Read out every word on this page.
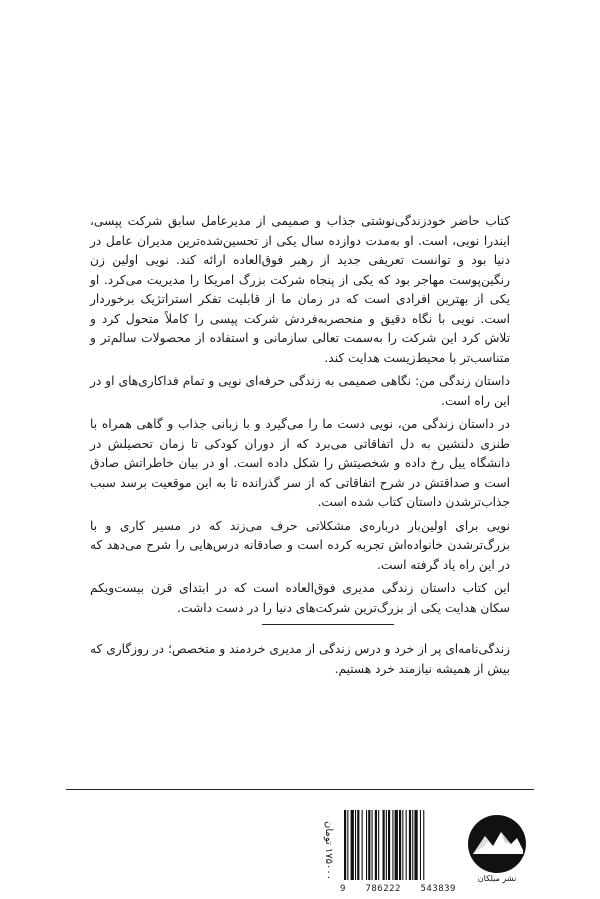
کتاب حاضر خودزندگی‌نوشتی جذاب و صمیمی از مدیرعامل سابق شرکت پپسی، ایندرا نویی، است. او به‌مدت دوازده سال یکی از تحسین‌شده‌ترین مدیران عامل در دنیا بود و توانست تعریفی جدید از رهبر فوق‌العاده ارائه کند. نویی اولین زن رنگین‌پوست مهاجر بود که یکی از پنجاه شرکت بزرگ امریکا را مدیریت می‌کرد. او یکی از بهترین افرادی است که در زمان ما از قابلیت تفکر استراتژیک برخوردار است. نویی با نگاه دقیق و منحصربه‌فردش شرکت پپسی را کاملاً متحول کرد و تلاش کرد این شرکت را به‌سمت تعالی سازمانی و استفاده از محصولات سالم‌تر و متناسب‌تر با محیط‌زیست هدایت کند.

داستان زندگی من: نگاهی صمیمی به زندگی حرفه‌ای نویی و تمام فداکاری‌های او در این راه است.

در داستان زندگی من، نویی دست ما را می‌گیرد و با زبانی جذاب و گاهی همراه با طنزی دلنشین به دل اتفاقاتی می‌برد که از دوران کودکی تا زمان تحصیلش در دانشگاه ییل رخ داده و شخصیتش را شکل داده است. او در بیان خاطراتش صادق است و صداقتش در شرح اتفاقاتی که از سر گذرانده تا به این موقعیت برسد سبب جذاب‌ترشدن داستان کتاب شده است.

نویی برای اولین‌بار درباره‌ی مشکلاتی حرف می‌زند که در مسیر کاری و با بزرگ‌ترشدن خانواده‌اش تجربه کرده است و صادقانه درس‌هایی را شرح می‌دهد که در این راه یاد گرفته است.

این کتاب داستان زندگی مدیری فوق‌العاده است که در ابتدای قرن بیست‌ویکم سکان هدایت یکی از بزرگ‌ترین شرکت‌های دنیا را در دست داشت.

زندگی‌نامه‌ای پر از خرد و درس زندگی از مدیری خردمند و متخصص؛ در روزگاری که بیش از همیشه نیازمند خرد هستیم.

نشر میلکان
9 786222 543839
۱۷۵۰۰۰ تومان
